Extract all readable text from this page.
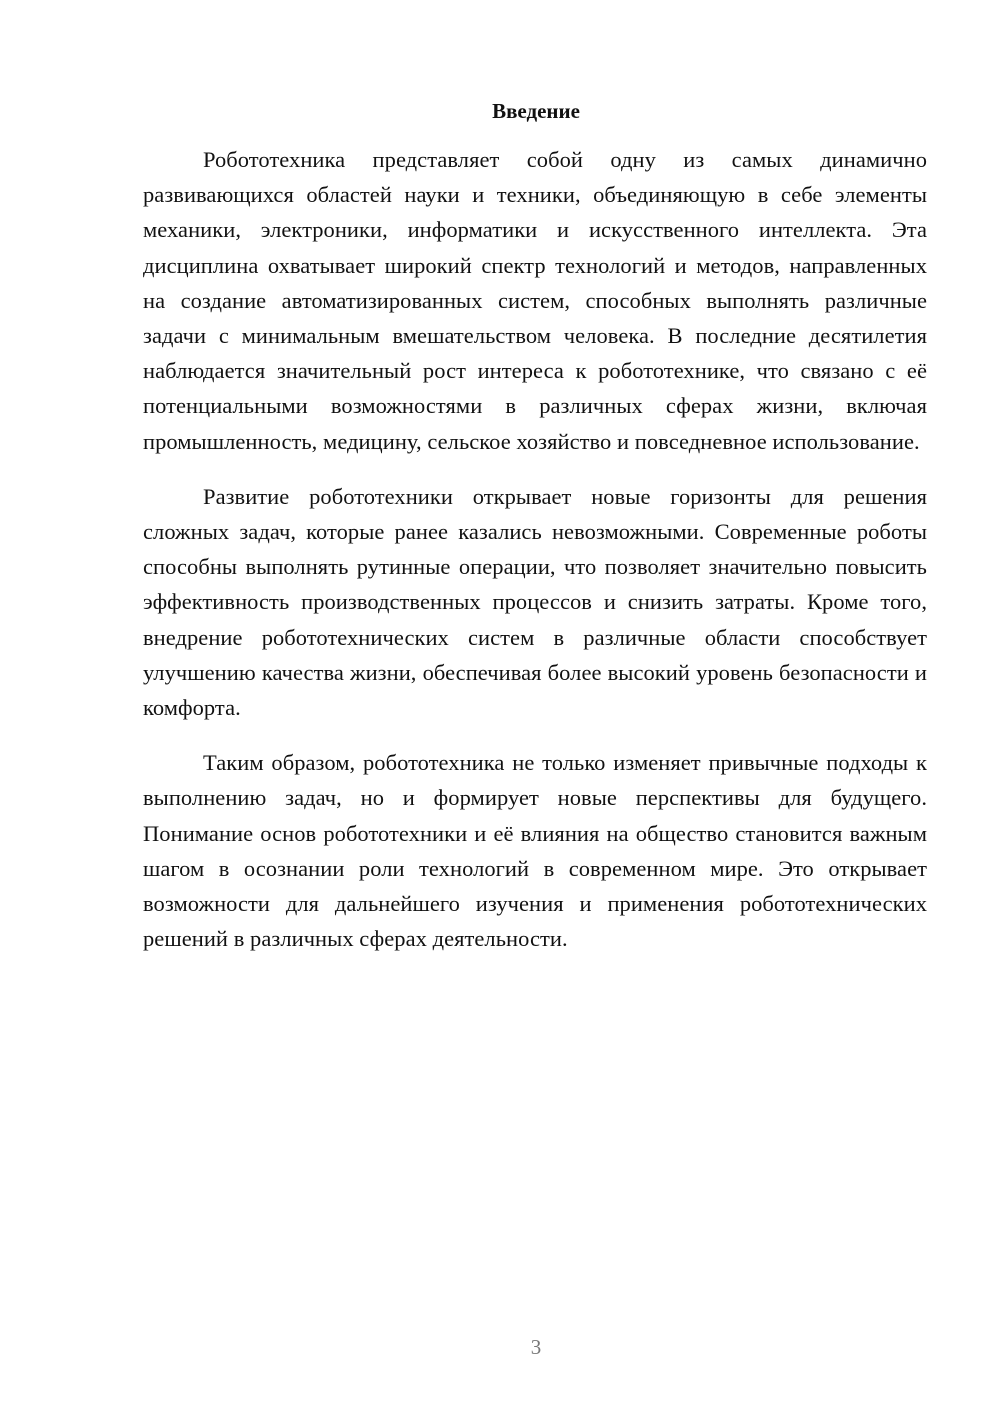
Введение

Робототехника представляет собой одну из самых динамично развивающихся областей науки и техники, объединяющую в себе элементы механики, электроники, информатики и искусственного интеллекта. Эта дисциплина охватывает широкий спектр технологий и методов, направленных на создание автоматизированных систем, способных выполнять различные задачи с минимальным вмешательством человека. В последние десятилетия наблюдается значительный рост интереса к робототехнике, что связано с её потенциальными возможностями в различных сферах жизни, включая промышленность, медицину, сельское хозяйство и повседневное использование.

Развитие робототехники открывает новые горизонты для решения сложных задач, которые ранее казались невозможными. Современные роботы способны выполнять рутинные операции, что позволяет значительно повысить эффективность производственных процессов и снизить затраты. Кроме того, внедрение робототехнических систем в различные области способствует улучшению качества жизни, обеспечивая более высокий уровень безопасности и комфорта.

Таким образом, робототехника не только изменяет привычные подходы к выполнению задач, но и формирует новые перспективы для будущего. Понимание основ робототехники и её влияния на общество становится важным шагом в осознании роли технологий в современном мире. Это открывает возможности для дальнейшего изучения и применения робототехнических решений в различных сферах деятельности.

3
